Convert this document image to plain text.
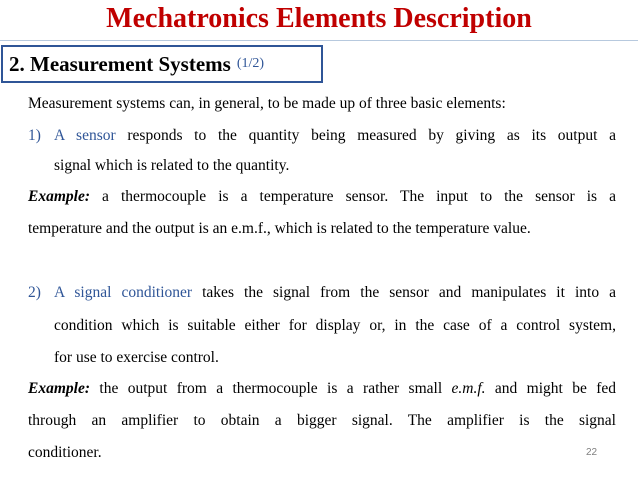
Mechatronics Elements Description
2. Measurement Systems (1/2)
Measurement systems can, in general, to be made up of three basic elements:
1) A sensor responds to the quantity being measured by giving as its output a
signal which is related to the quantity.
Example: a thermocouple is a temperature sensor. The input to the sensor is a
temperature and the output is an e.m.f., which is related to the temperature value.
2) A signal conditioner takes the signal from the sensor and manipulates it into a
condition which is suitable either for display or, in the case of a control system,
for use to exercise control.
Example: the output from a thermocouple is a rather small e.m.f. and might be fed
through an amplifier to obtain a bigger signal. The amplifier is the signal
conditioner.	22
